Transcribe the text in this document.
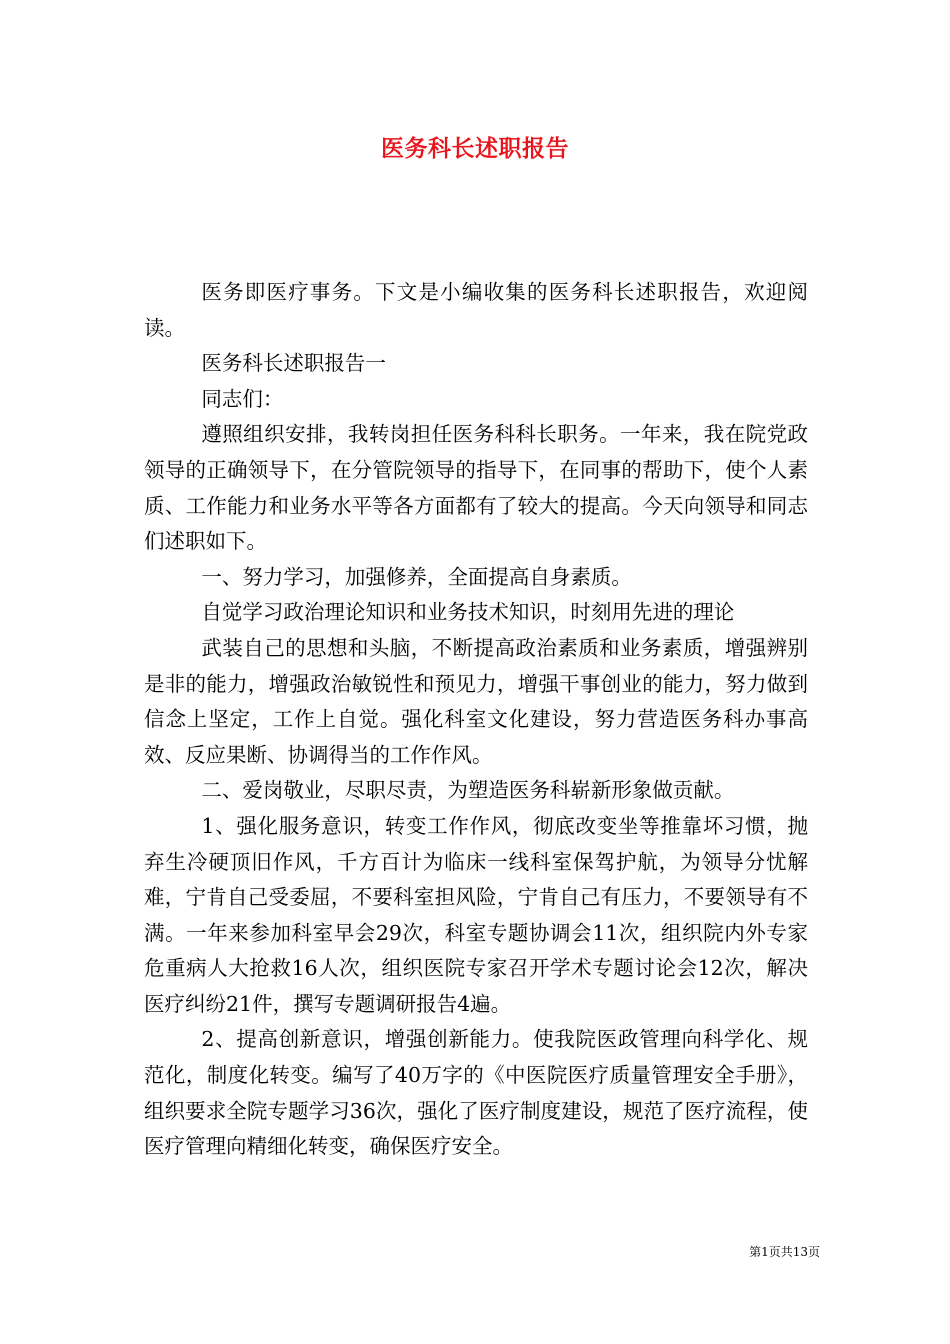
医务科长述职报告

医务即医疗事务。下文是小编收集的医务科长述职报告，欢迎阅读。

医务科长述职报告一

同志们：

遵照组织安排，我转岗担任医务科科长职务。一年来，我在院党政领导的正确领导下，在分管院领导的指导下，在同事的帮助下，使个人素质、工作能力和业务水平等各方面都有了较大的提高。今天向领导和同志们述职如下。

一、努力学习，加强修养，全面提高自身素质。

自觉学习政治理论知识和业务技术知识，时刻用先进的理论

武装自己的思想和头脑，不断提高政治素质和业务素质，增强辨别是非的能力，增强政治敏锐性和预见力，增强干事创业的能力，努力做到信念上坚定，工作上自觉。强化科室文化建设，努力营造医务科办事高效、反应果断、协调得当的工作作风。

二、爱岗敬业，尽职尽责，为塑造医务科崭新形象做贡献。

1、强化服务意识，转变工作作风，彻底改变坐等推靠坏习惯，抛弃生冷硬顶旧作风，千方百计为临床一线科室保驾护航，为领导分忧解难，宁肯自己受委屈，不要科室担风险，宁肯自己有压力，不要领导有不满。一年来参加科室早会29次，科室专题协调会11次，组织院内外专家危重病人大抢救16人次，组织医院专家召开学术专题讨论会12次，解决医疗纠纷21件，撰写专题调研报告4遍。

2、提高创新意识，增强创新能力。使我院医政管理向科学化、规范化，制度化转变。编写了40万字的《中医院医疗质量管理安全手册》，组织要求全院专题学习36次，强化了医疗制度建设，规范了医疗流程，使医疗管理向精细化转变，确保医疗安全。

第1页共13页
